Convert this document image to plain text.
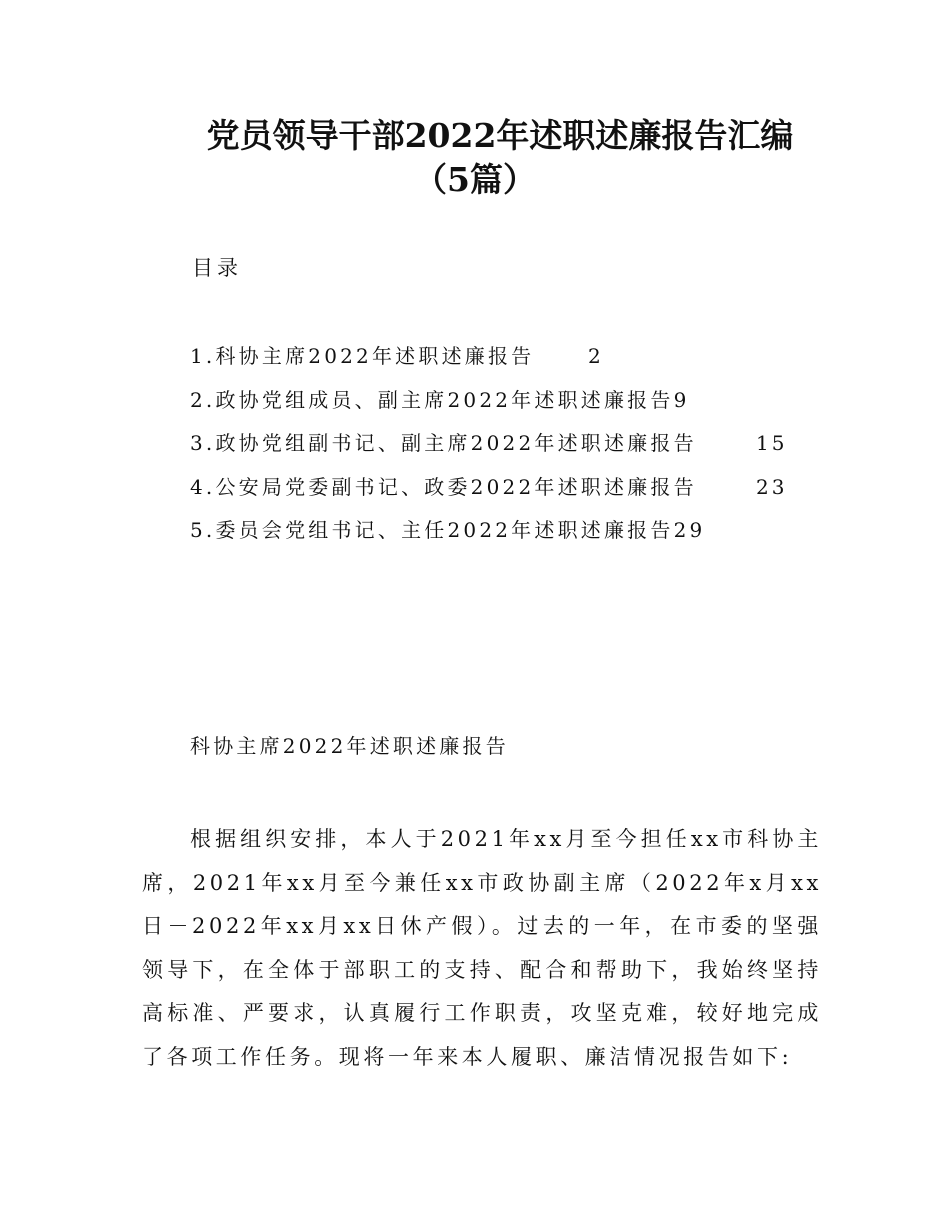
党员领导干部2022年述职述廉报告汇编
（5篇）
目录
1.科协主席2022年述职述廉报告	2
2.政协党组成员、副主席2022年述职述廉报告9
3.政协党组副书记、副主席2022年述职述廉报告	15
4.公安局党委副书记、政委2022年述职述廉报告	23
5.委员会党组书记、主任2022年述职述廉报告29
科协主席2022年述职述廉报告

根据组织安排，本人于2021年xx月至今担任xx市科协主席，2021年xx月至今兼任xx市政协副主席（2022年x月xx日－2022年xx月xx日休产假）。过去的一年，在市委的坚强领导下，在全体于部职工的支持、配合和帮助下，我始终坚持高标准、严要求，认真履行工作职责，攻坚克难，较好地完成了各项工作任务。现将一年来本人履职、廉洁情况报告如下:
